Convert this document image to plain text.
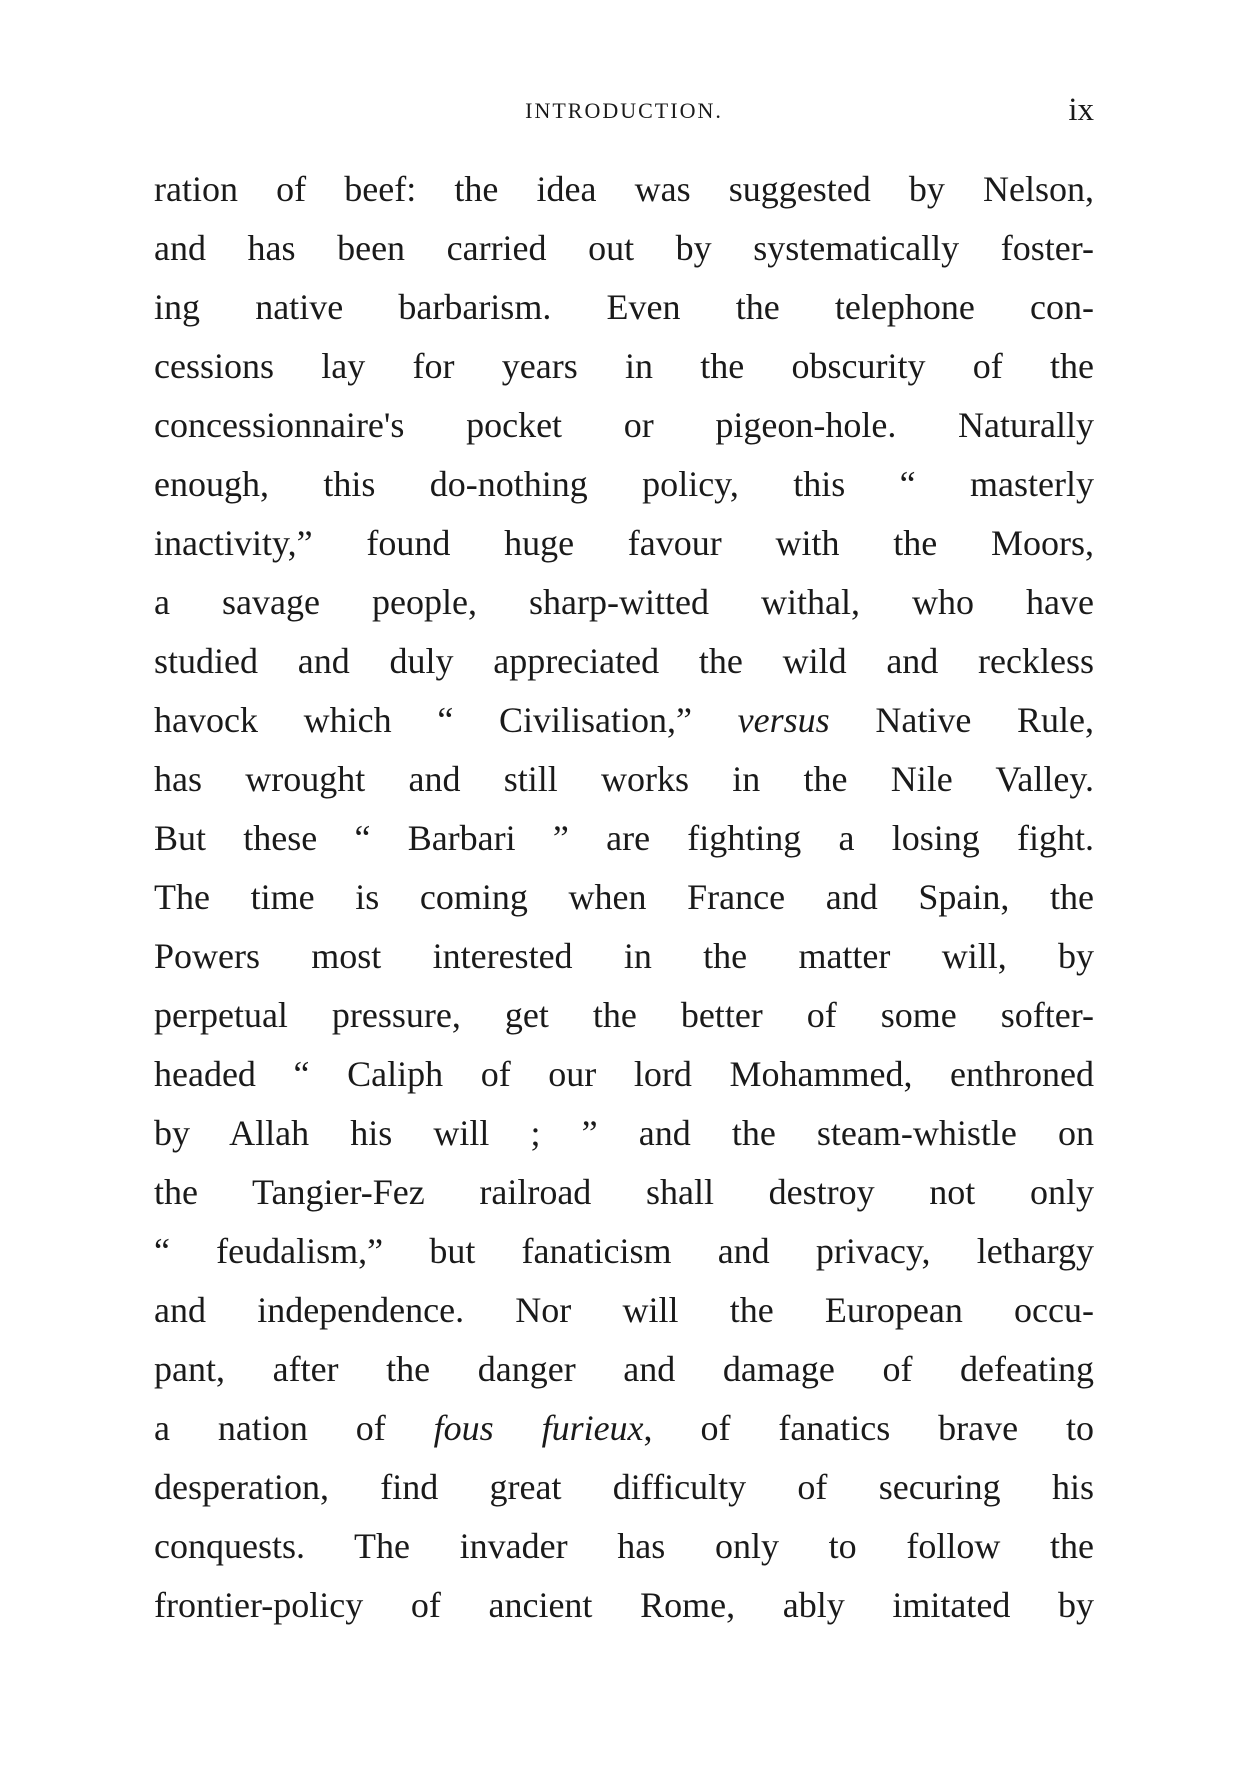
INTRODUCTION.	ix
ration of beef: the idea was suggested by Nelson,
and has been carried out by systematically foster-
ing native barbarism. Even the telephone con-
cessions lay for years in the obscurity of the
concessionnaire's pocket or pigeon-hole. Naturally
enough, this do-nothing policy, this “ masterly
inactivity,” found huge favour with the Moors,
a savage people, sharp-witted withal, who have
studied and duly appreciated the wild and reckless
havock which “ Civilisation,” versus Native Rule,
has wrought and still works in the Nile Valley.
But these “ Barbari ” are fighting a losing fight.
The time is coming when France and Spain, the
Powers most interested in the matter will, by
perpetual pressure, get the better of some softer-
headed “ Caliph of our lord Mohammed, enthroned
by Allah his will ; ” and the steam-whistle on
the Tangier-Fez railroad shall destroy not only
“ feudalism,” but fanaticism and privacy, lethargy
and independence. Nor will the European occu-
pant, after the danger and damage of defeating
a nation of fous furieux, of fanatics brave to
desperation, find great difficulty of securing his
conquests. The invader has only to follow the
frontier-policy of ancient Rome, ably imitated by
